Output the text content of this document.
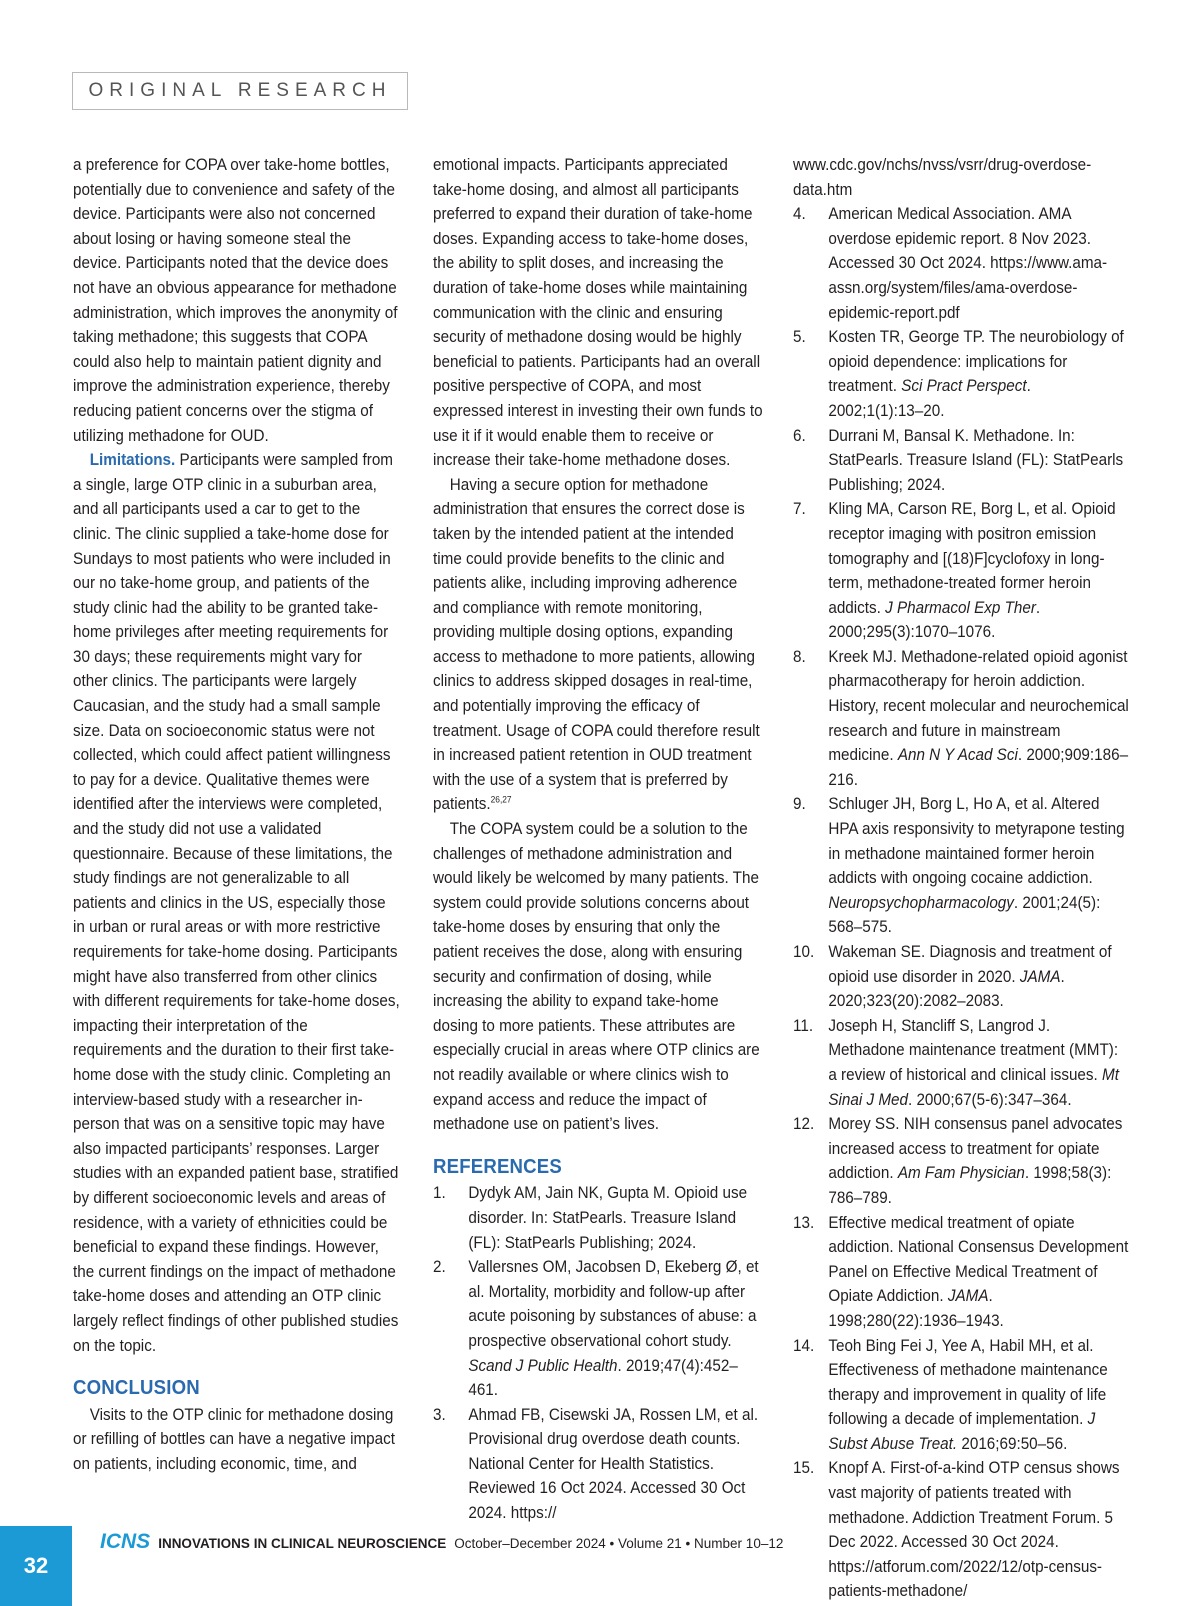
ORIGINAL RESEARCH

a preference for COPA over take-home bottles, potentially due to convenience and safety of the device. Participants were also not concerned about losing or having someone steal the device. Participants noted that the device does not have an obvious appearance for methadone administration, which improves the anonymity of taking methadone; this suggests that COPA could also help to maintain patient dignity and improve the administration experience, thereby reducing patient concerns over the stigma of utilizing methadone for OUD.

Limitations. Participants were sampled from a single, large OTP clinic in a suburban area, and all participants used a car to get to the clinic. The clinic supplied a take-home dose for Sundays to most patients who were included in our no take-home group, and patients of the study clinic had the ability to be granted take-home privileges after meeting requirements for 30 days; these requirements might vary for other clinics. The participants were largely Caucasian, and the study had a small sample size. Data on socioeconomic status were not collected, which could affect patient willingness to pay for a device. Qualitative themes were identified after the interviews were completed, and the study did not use a validated questionnaire. Because of these limitations, the study findings are not generalizable to all patients and clinics in the US, especially those in urban or rural areas or with more restrictive requirements for take-home dosing. Participants might have also transferred from other clinics with different requirements for take-home doses, impacting their interpretation of the requirements and the duration to their first take-home dose with the study clinic. Completing an interview-based study with a researcher in-person that was on a sensitive topic may have also impacted participants’ responses. Larger studies with an expanded patient base, stratified by different socioeconomic levels and areas of residence, with a variety of ethnicities could be beneficial to expand these findings. However, the current findings on the impact of methadone take-home doses and attending an OTP clinic largely reflect findings of other published studies on the topic.

CONCLUSION

Visits to the OTP clinic for methadone dosing or refilling of bottles can have a negative impact on patients, including economic, time, and

emotional impacts. Participants appreciated take-home dosing, and almost all participants preferred to expand their duration of take-home doses. Expanding access to take-home doses, the ability to split doses, and increasing the duration of take-home doses while maintaining communication with the clinic and ensuring security of methadone dosing would be highly beneficial to patients. Participants had an overall positive perspective of COPA, and most expressed interest in investing their own funds to use it if it would enable them to receive or increase their take-home methadone doses.

Having a secure option for methadone administration that ensures the correct dose is taken by the intended patient at the intended time could provide benefits to the clinic and patients alike, including improving adherence and compliance with remote monitoring, providing multiple dosing options, expanding access to methadone to more patients, allowing clinics to address skipped dosages in real-time, and potentially improving the efficacy of treatment. Usage of COPA could therefore result in increased patient retention in OUD treatment with the use of a system that is preferred by patients.$^{26,27}$

The COPA system could be a solution to the challenges of methadone administration and would likely be welcomed by many patients. The system could provide solutions concerns about take-home doses by ensuring that only the patient receives the dose, along with ensuring security and confirmation of dosing, while increasing the ability to expand take-home dosing to more patients. These attributes are especially crucial in areas where OTP clinics are not readily available or where clinics wish to expand access and reduce the impact of methadone use on patient’s lives.

REFERENCES
1.	Dydyk AM, Jain NK, Gupta M. Opioid use disorder. In: StatPearls. Treasure Island (FL): StatPearls Publishing; 2024.
2.	Vallersnes OM, Jacobsen D, Ekeberg Ø, et al. Mortality, morbidity and follow-up after acute poisoning by substances of abuse: a prospective observational cohort study. Scand J Public Health. 2019;47(4):452–461.
3.	Ahmad FB, Cisewski JA, Rossen LM, et al. Provisional drug overdose death counts. National Center for Health Statistics. Reviewed 16 Oct 2024. Accessed 30 Oct 2024. https://
www.cdc.gov/nchs/nvss/vsrr/drug-overdose-data.htm
4.	American Medical Association. AMA overdose epidemic report. 8 Nov 2023. Accessed 30 Oct 2024. https://www.ama-assn.org/system/files/ama-overdose-epidemic-report.pdf
5.	Kosten TR, George TP. The neurobiology of opioid dependence: implications for treatment. Sci Pract Perspect. 2002;1(1):13–20.
6.	Durrani M, Bansal K. Methadone. In: StatPearls. Treasure Island (FL): StatPearls Publishing; 2024.
7.	Kling MA, Carson RE, Borg L, et al. Opioid receptor imaging with positron emission tomography and [(18)F]cyclofoxy in long-term, methadone-treated former heroin addicts. J Pharmacol Exp Ther. 2000;295(3):1070–1076.
8.	Kreek MJ. Methadone-related opioid agonist pharmacotherapy for heroin addiction. History, recent molecular and neurochemical research and future in mainstream medicine. Ann N Y Acad Sci. 2000;909:186–216.
9.	Schluger JH, Borg L, Ho A, et al. Altered HPA axis responsivity to metyrapone testing in methadone maintained former heroin addicts with ongoing cocaine addiction. Neuropsychopharmacology. 2001;24(5): 568–575.
10. Wakeman SE. Diagnosis and treatment of opioid use disorder in 2020. JAMA. 2020;323(20):2082–2083.
11. Joseph H, Stancliff S, Langrod J. Methadone maintenance treatment (MMT): a review of historical and clinical issues. Mt Sinai J Med. 2000;67(5-6):347–364.
12. Morey SS. NIH consensus panel advocates increased access to treatment for opiate addiction. Am Fam Physician. 1998;58(3): 786–789.
13. Effective medical treatment of opiate addiction. National Consensus Development Panel on Effective Medical Treatment of Opiate Addiction. JAMA. 1998;280(22):1936–1943.
14. Teoh Bing Fei J, Yee A, Habil MH, et al. Effectiveness of methadone maintenance therapy and improvement in quality of life following a decade of implementation. J Subst Abuse Treat. 2016;69:50–56.
15. Knopf A. First-of-a-kind OTP census shows vast majority of patients treated with methadone. Addiction Treatment Forum. 5 Dec 2022. Accessed 30 Oct 2024. https://atforum.com/2022/12/otp-census-patients-methadone/
32
ICNS INNOVATIONS IN CLINICAL NEUROSCIENCE October–December 2024 • Volume 21 • Number 10–12
